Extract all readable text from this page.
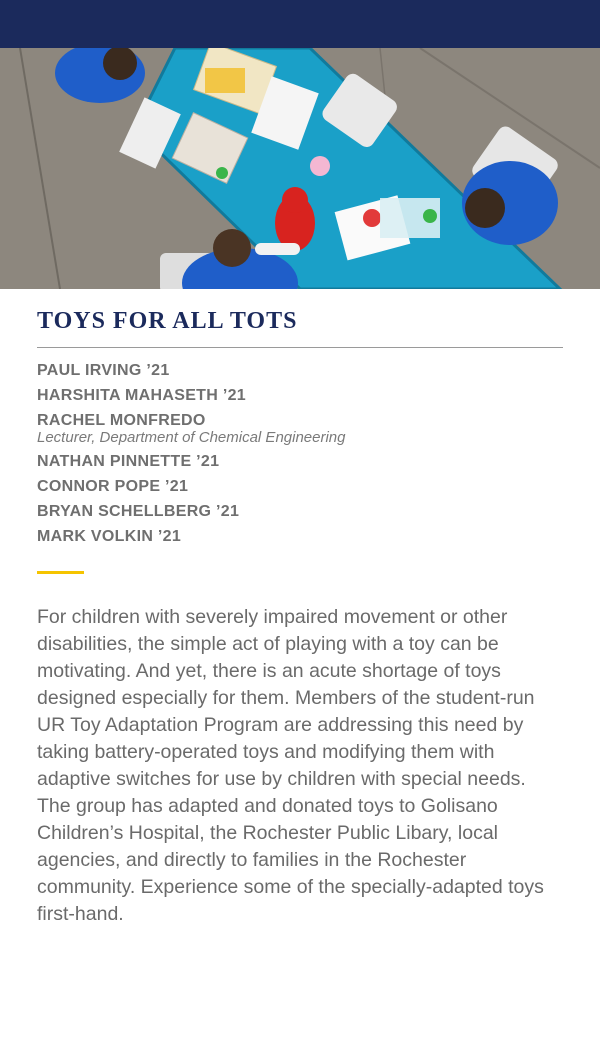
TOYS FOR ALL TOTS
PAUL IRVING ’21
HARSHITA MAHASETH ’21
RACHEL MONFREDO
Lecturer, Department of Chemical Engineering
NATHAN PINNETTE ’21
CONNOR POPE ’21
BRYAN SCHELLBERG ’21
MARK VOLKIN ’21

For children with severely impaired movement or other disabilities, the simple act of playing with a toy can be motivating. And yet, there is an acute shortage of toys designed especially for them. Members of the student-run UR Toy Adaptation Program are addressing this need by taking battery-operated toys and modifying them with adaptive switches for use by children with special needs. The group has adapted and donated toys to Golisano Children’s Hospital, the Rochester Public Libary, local agencies, and directly to families in the Rochester community. Experience some of the specially-adapted toys first-hand.
